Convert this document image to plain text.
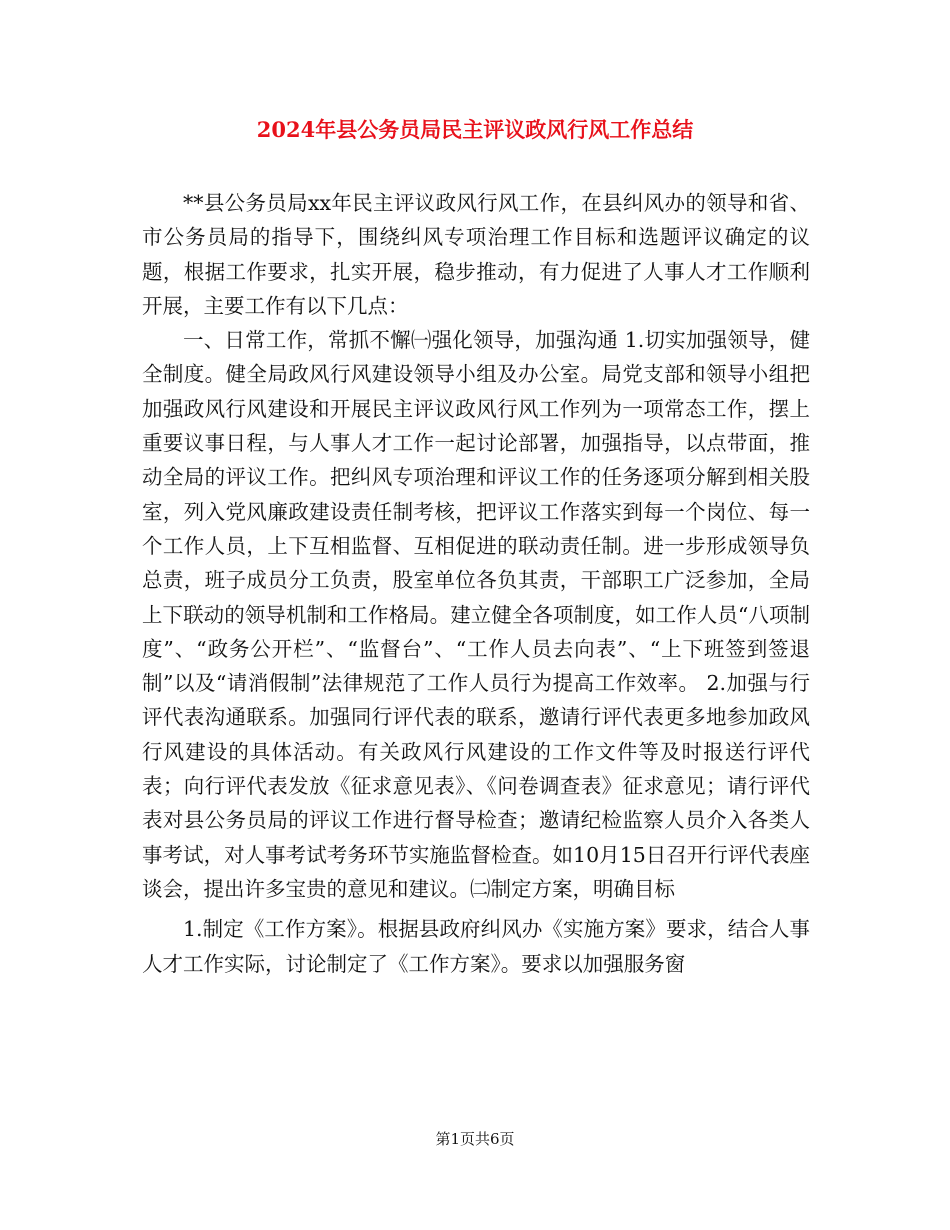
2024年县公务员局民主评议政风行风工作总结

**县公务员局xx年民主评议政风行风工作，在县纠风办的领导和省、市公务员局的指导下，围绕纠风专项治理工作目标和选题评议确定的议题，根据工作要求，扎实开展，稳步推动，有力促进了人事人才工作顺利开展，主要工作有以下几点：

一、日常工作，常抓不懈㈠强化领导，加强沟通 1.切实加强领导，健全制度。健全局政风行风建设领导小组及办公室。局党支部和领导小组把加强政风行风建设和开展民主评议政风行风工作列为一项常态工作，摆上重要议事日程，与人事人才工作一起讨论部署，加强指导，以点带面，推动全局的评议工作。把纠风专项治理和评议工作的任务逐项分解到相关股室，列入党风廉政建设责任制考核，把评议工作落实到每一个岗位、每一个工作人员，上下互相监督、互相促进的联动责任制。进一步形成领导负总责，班子成员分工负责，股室单位各负其责，干部职工广泛参加，全局上下联动的领导机制和工作格局。建立健全各项制度，如工作人员“八项制度”、“政务公开栏”、“监督台”、“工作人员去向表”、“上下班签到签退制”以及“请消假制”法律规范了工作人员行为提高工作效率。 2.加强与行评代表沟通联系。加强同行评代表的联系，邀请行评代表更多地参加政风行风建设的具体活动。有关政风行风建设的工作文件等及时报送行评代表；向行评代表发放《征求意见表》、《问卷调查表》征求意见；请行评代表对县公务员局的评议工作进行督导检查；邀请纪检监察人员介入各类人事考试，对人事考试考务环节实施监督检查。如10月15日召开行评代表座谈会，提出许多宝贵的意见和建议。㈡制定方案，明确目标

1.制定《工作方案》。根据县政府纠风办《实施方案》要求，结合人事人才工作实际，讨论制定了《工作方案》。要求以加强服务窗

第1页共6页
